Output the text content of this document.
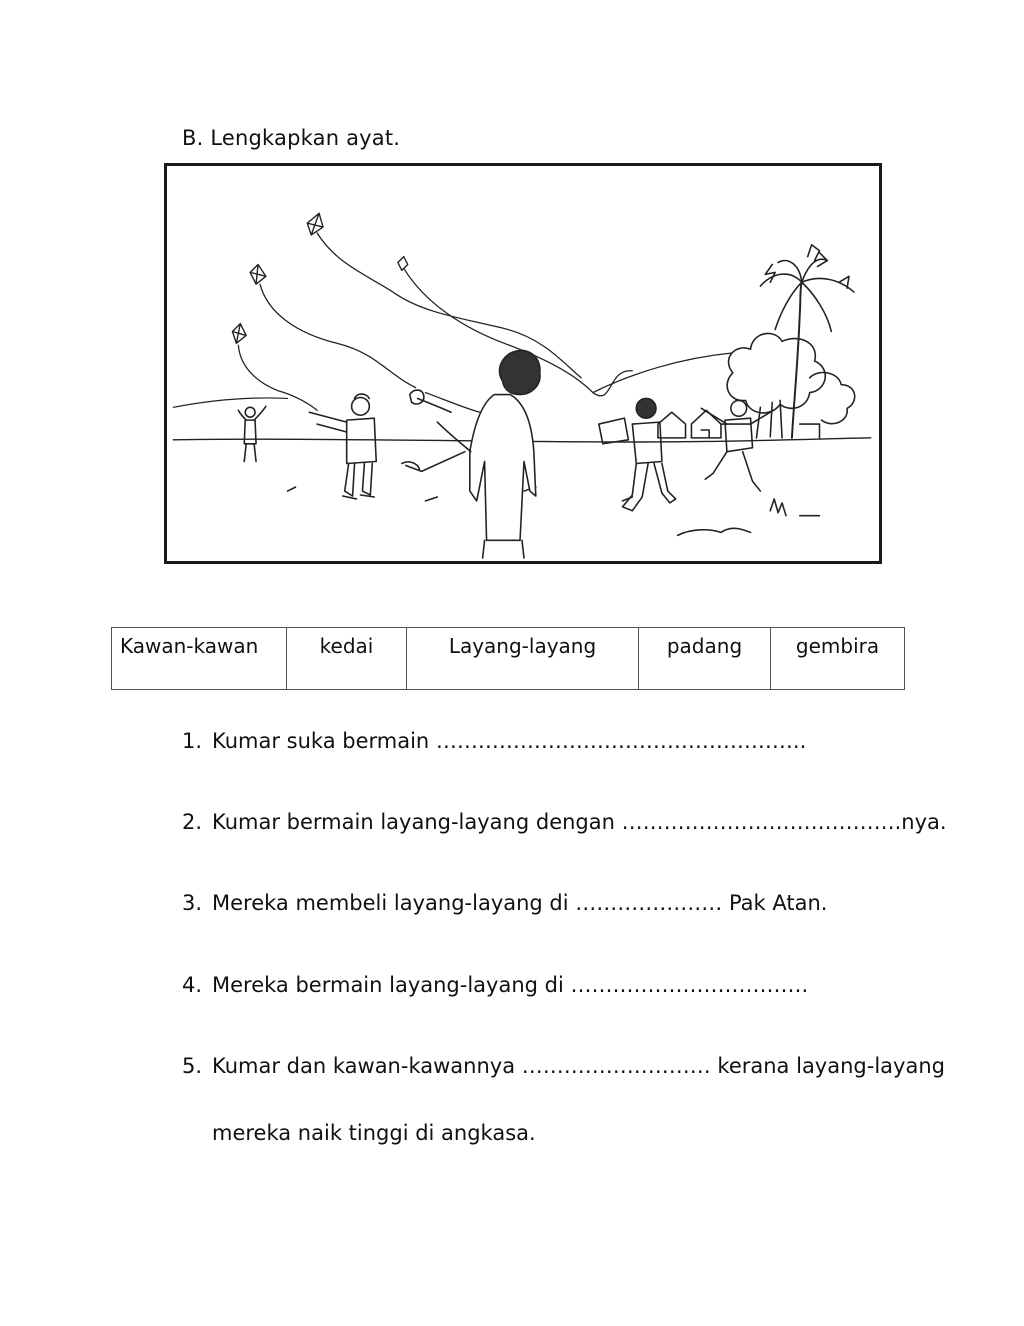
B. Lengkapkan ayat.
Kawan-kawan	kedai	Layang-layang	padang	gembira
1. Kumar suka bermain ……………………………………………..
2. Kumar bermain layang-layang dengan ………………………………….nya.
3. Mereka membeli layang-layang di ………………… Pak Atan.
4. Mereka bermain layang-layang di …………………………….
5. Kumar dan kawan-kawannya ……………………… kerana layang-layang
mereka naik tinggi di angkasa.
